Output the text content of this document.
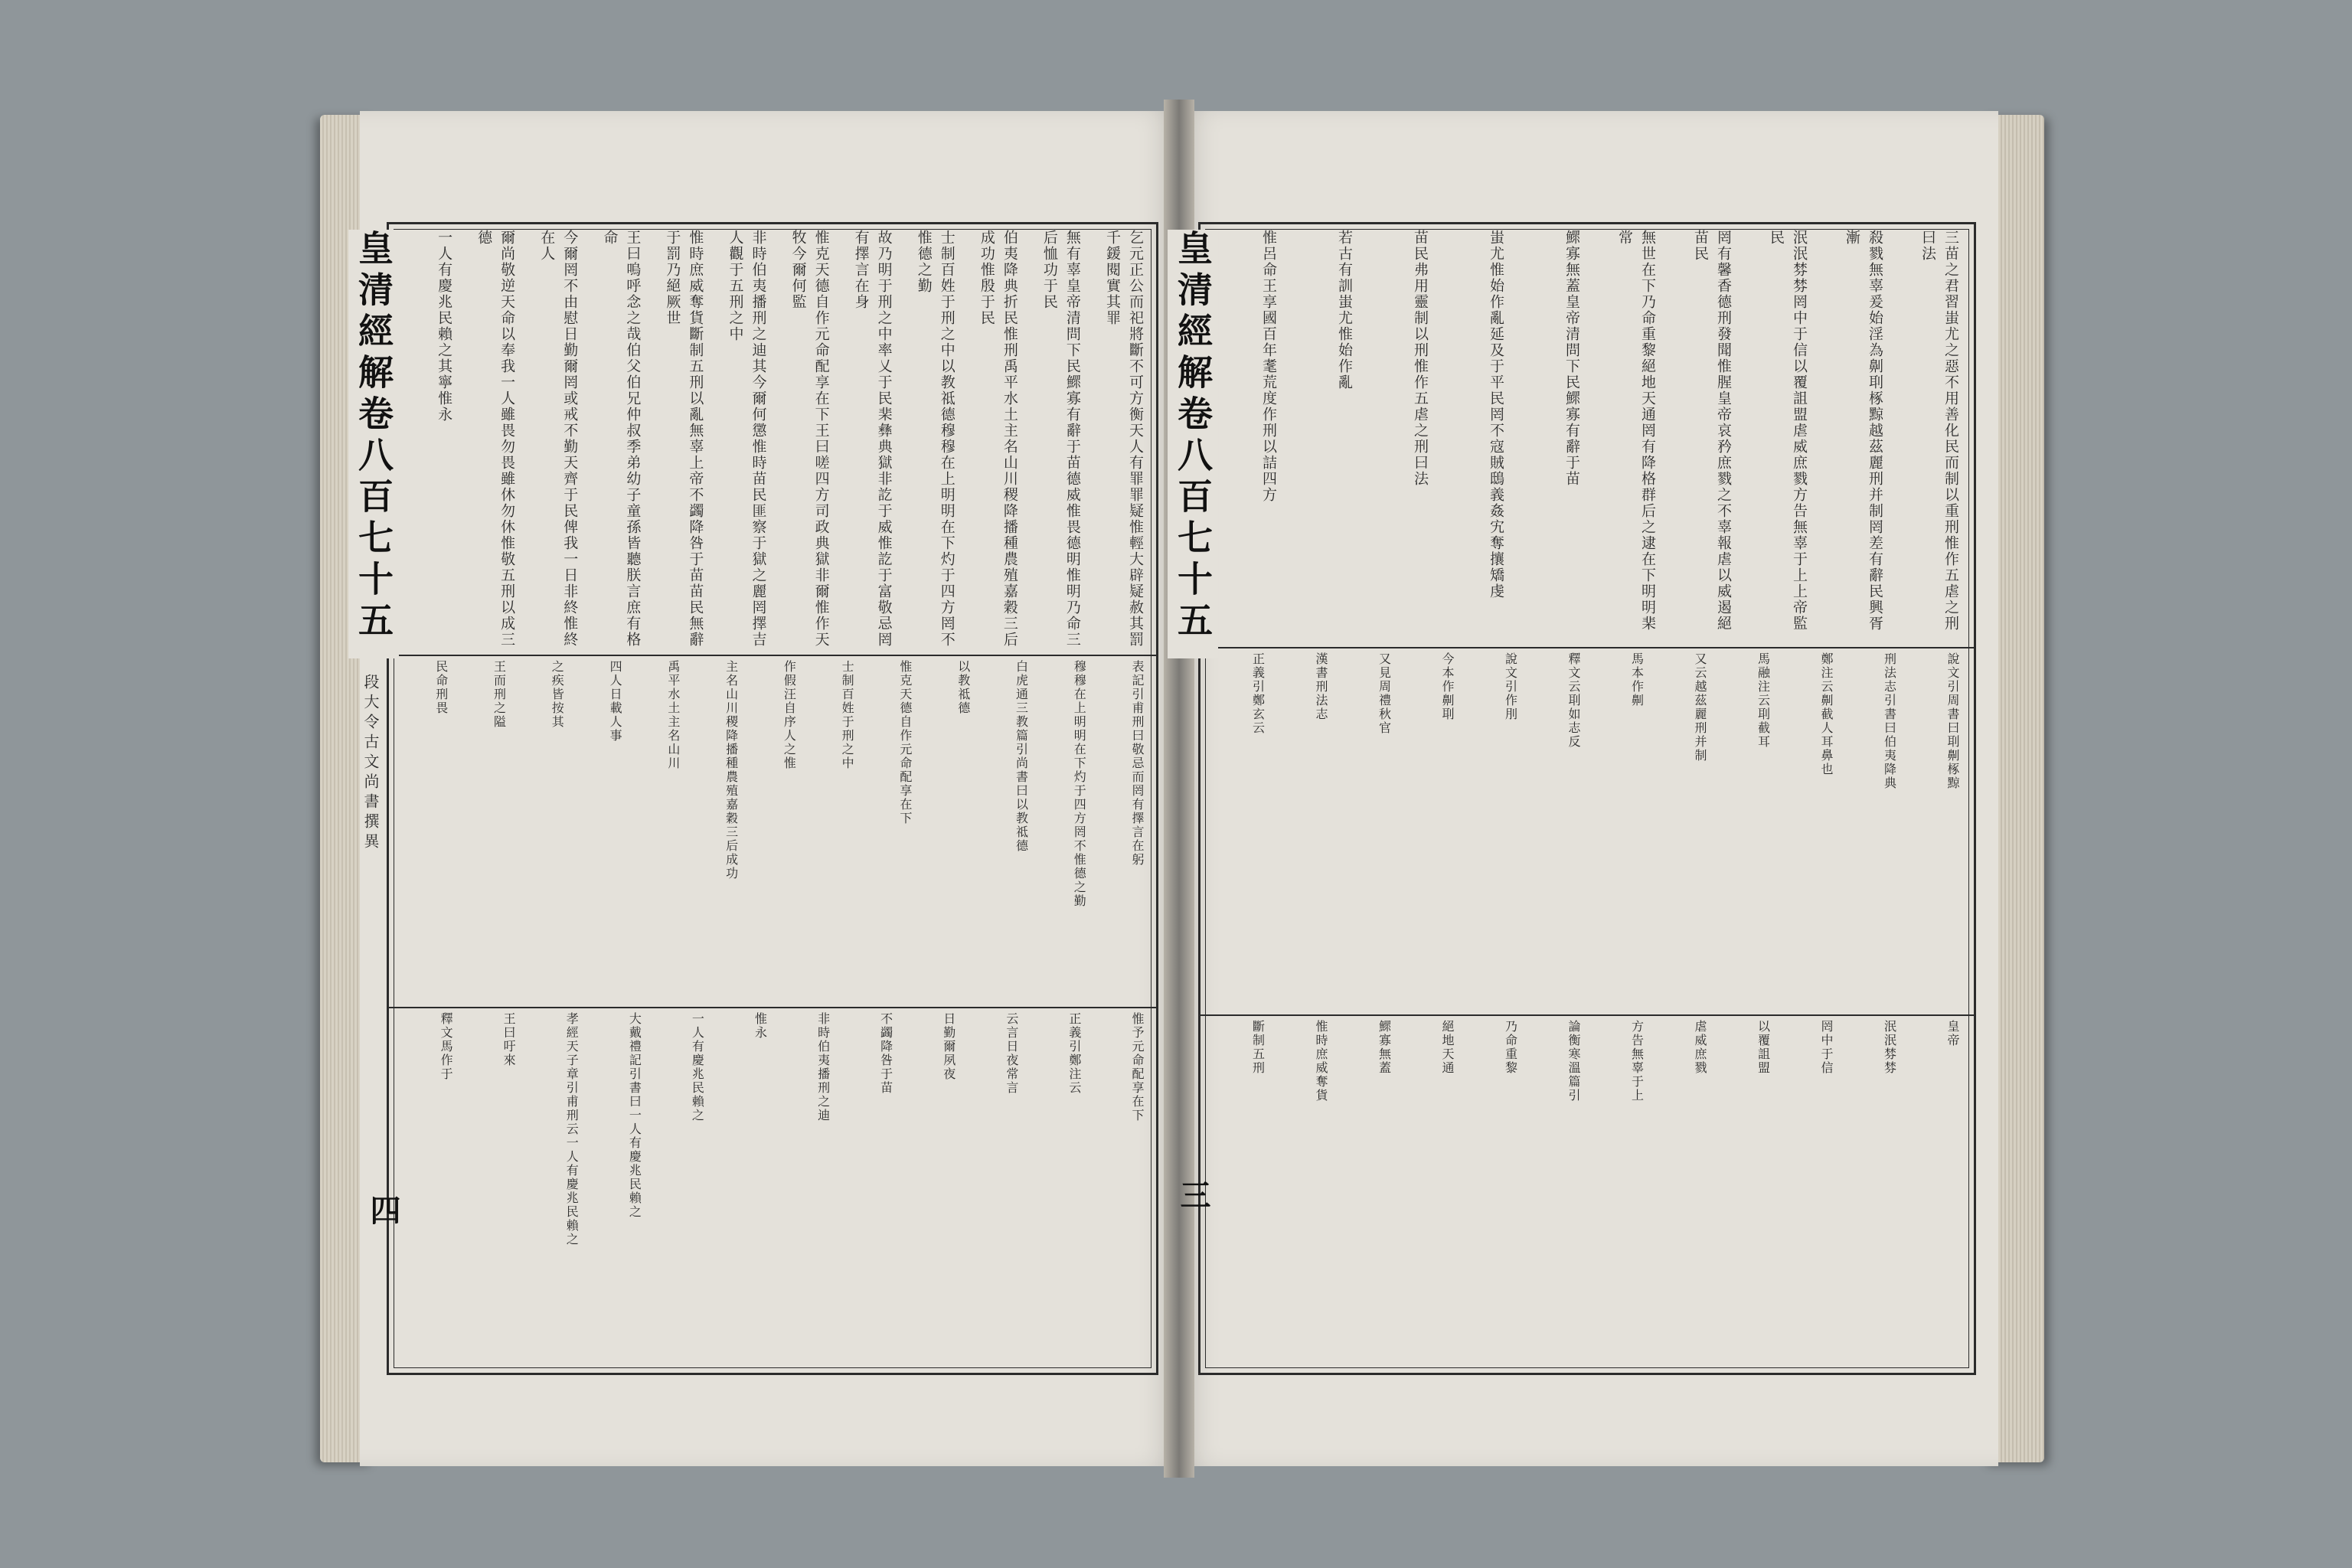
皇清經解卷八百七十五
段大令古文尚書撰異
四
皇清經解卷八百七十五
三
乞元正公而祀將斷不可方衡天人有罪罪疑惟輕大辟疑赦其罰千鍰閱實其罪
無有辜皇帝清問下民鰥寡有辭于苗德威惟畏德明惟明乃命三后恤功于民
伯夷降典折民惟刑禹平水土主名山川稷降播種農殖嘉穀三后成功惟殷于民
士制百姓于刑之中以教祗德穆穆在上明明在下灼于四方罔不惟德之勤
故乃明于刑之中率乂于民棐彝典獄非訖于威惟訖于富敬忌罔有擇言在身
惟克天德自作元命配享在下王曰嗟四方司政典獄非爾惟作天牧今爾何監
非時伯夷播刑之迪其今爾何懲惟時苗民匪察于獄之麗罔擇吉人觀于五刑之中
惟時庶威奪貨斷制五刑以亂無辜上帝不蠲降咎于苗苗民無辭于罰乃絕厥世
王曰嗚呼念之哉伯父伯兄仲叔季弟幼子童孫皆聽朕言庶有格命
今爾罔不由慰日勤爾罔或戒不勤天齊于民俾我一日非終惟終在人
爾尚敬逆天命以奉我一人雖畏勿畏雖休勿休惟敬五刑以成三德
一人有慶兆民賴之其寧惟永
表記引甫刑曰敬忌而罔有擇言在躬
穆穆在上明明在下灼于四方罔不惟德之勤
白虎通三教篇引尚書曰以教祗德
以教祗德
惟克天德自作元命配享在下
士制百姓于刑之中
作假汪自序人之惟
主名山川稷降播種農殖嘉穀三后成功
禹平水土主名山川
四人日載人事
之疾皆按其
王而刑之隘
民命刑畏
惟予元命配享在下
正義引鄭注云
云言日夜常言
日勤爾夙夜
不蠲降咎于苗
非時伯夷播刑之迪
惟永
一人有慶兆民賴之
大戴禮記引書曰一人有慶兆民賴之
孝經天子章引甫刑云一人有慶兆民賴之
王曰吁來
釋文馬作于
三苗之君習蚩尤之惡不用善化民而制以重刑惟作五虐之刑曰法
殺戮無辜爰始淫為劓刵椓黥越茲麗刑并制罔差有辭民興胥漸
泯泯棼棼罔中于信以覆詛盟虐威庶戮方告無辜于上上帝監民
罔有馨香德刑發聞惟腥皇帝哀矜庶戮之不辜報虐以威遏絕苗民
無世在下乃命重黎絕地天通罔有降格群后之逮在下明明棐常
鰥寡無蓋皇帝清問下民鰥寡有辭于苗
蚩尤惟始作亂延及于平民罔不寇賊鴟義姦宄奪攘矯虔
苗民弗用靈制以刑惟作五虐之刑曰法
若古有訓蚩尤惟始作亂
惟呂命王享國百年耄荒度作刑以詰四方
說文引周書曰刵劓椓黥
刑法志引書曰伯夷降典
鄭注云劓截人耳鼻也
馬融注云刵截耳
又云越茲麗刑并制
馬本作劓
釋文云刵如志反
說文引作刖
今本作劓刵
又見周禮秋官
漢書刑法志
正義引鄭玄云
皇帝
泯泯棼棼
罔中于信
以覆詛盟
虐威庶戮
方告無辜于上
論衡寒溫篇引
乃命重黎
絕地天通
鰥寡無蓋
惟時庶威奪貨
斷制五刑
